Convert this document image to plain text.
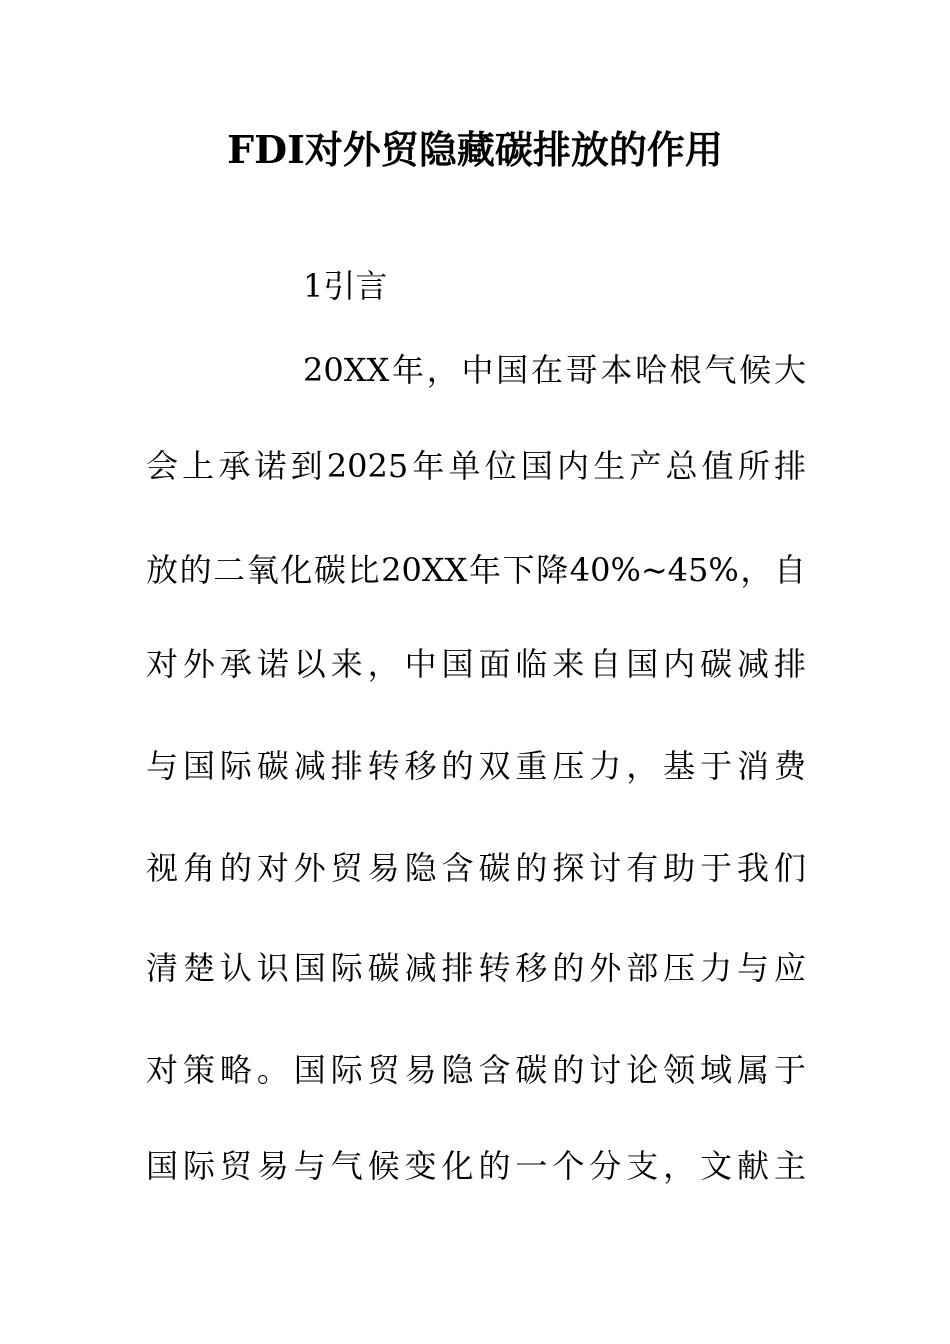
FDI对外贸隐藏碳排放的作用
1引言
20XX年，中国在哥本哈根气候大
会上承诺到2025年单位国内生产总值所排
放的二氧化碳比20XX年下降40%~45%，自
对外承诺以来，中国面临来自国内碳减排
与国际碳减排转移的双重压力，基于消费
视角的对外贸易隐含碳的探讨有助于我们
清楚认识国际碳减排转移的外部压力与应
对策略。国际贸易隐含碳的讨论领域属于
国际贸易与气候变化的一个分支，文献主
